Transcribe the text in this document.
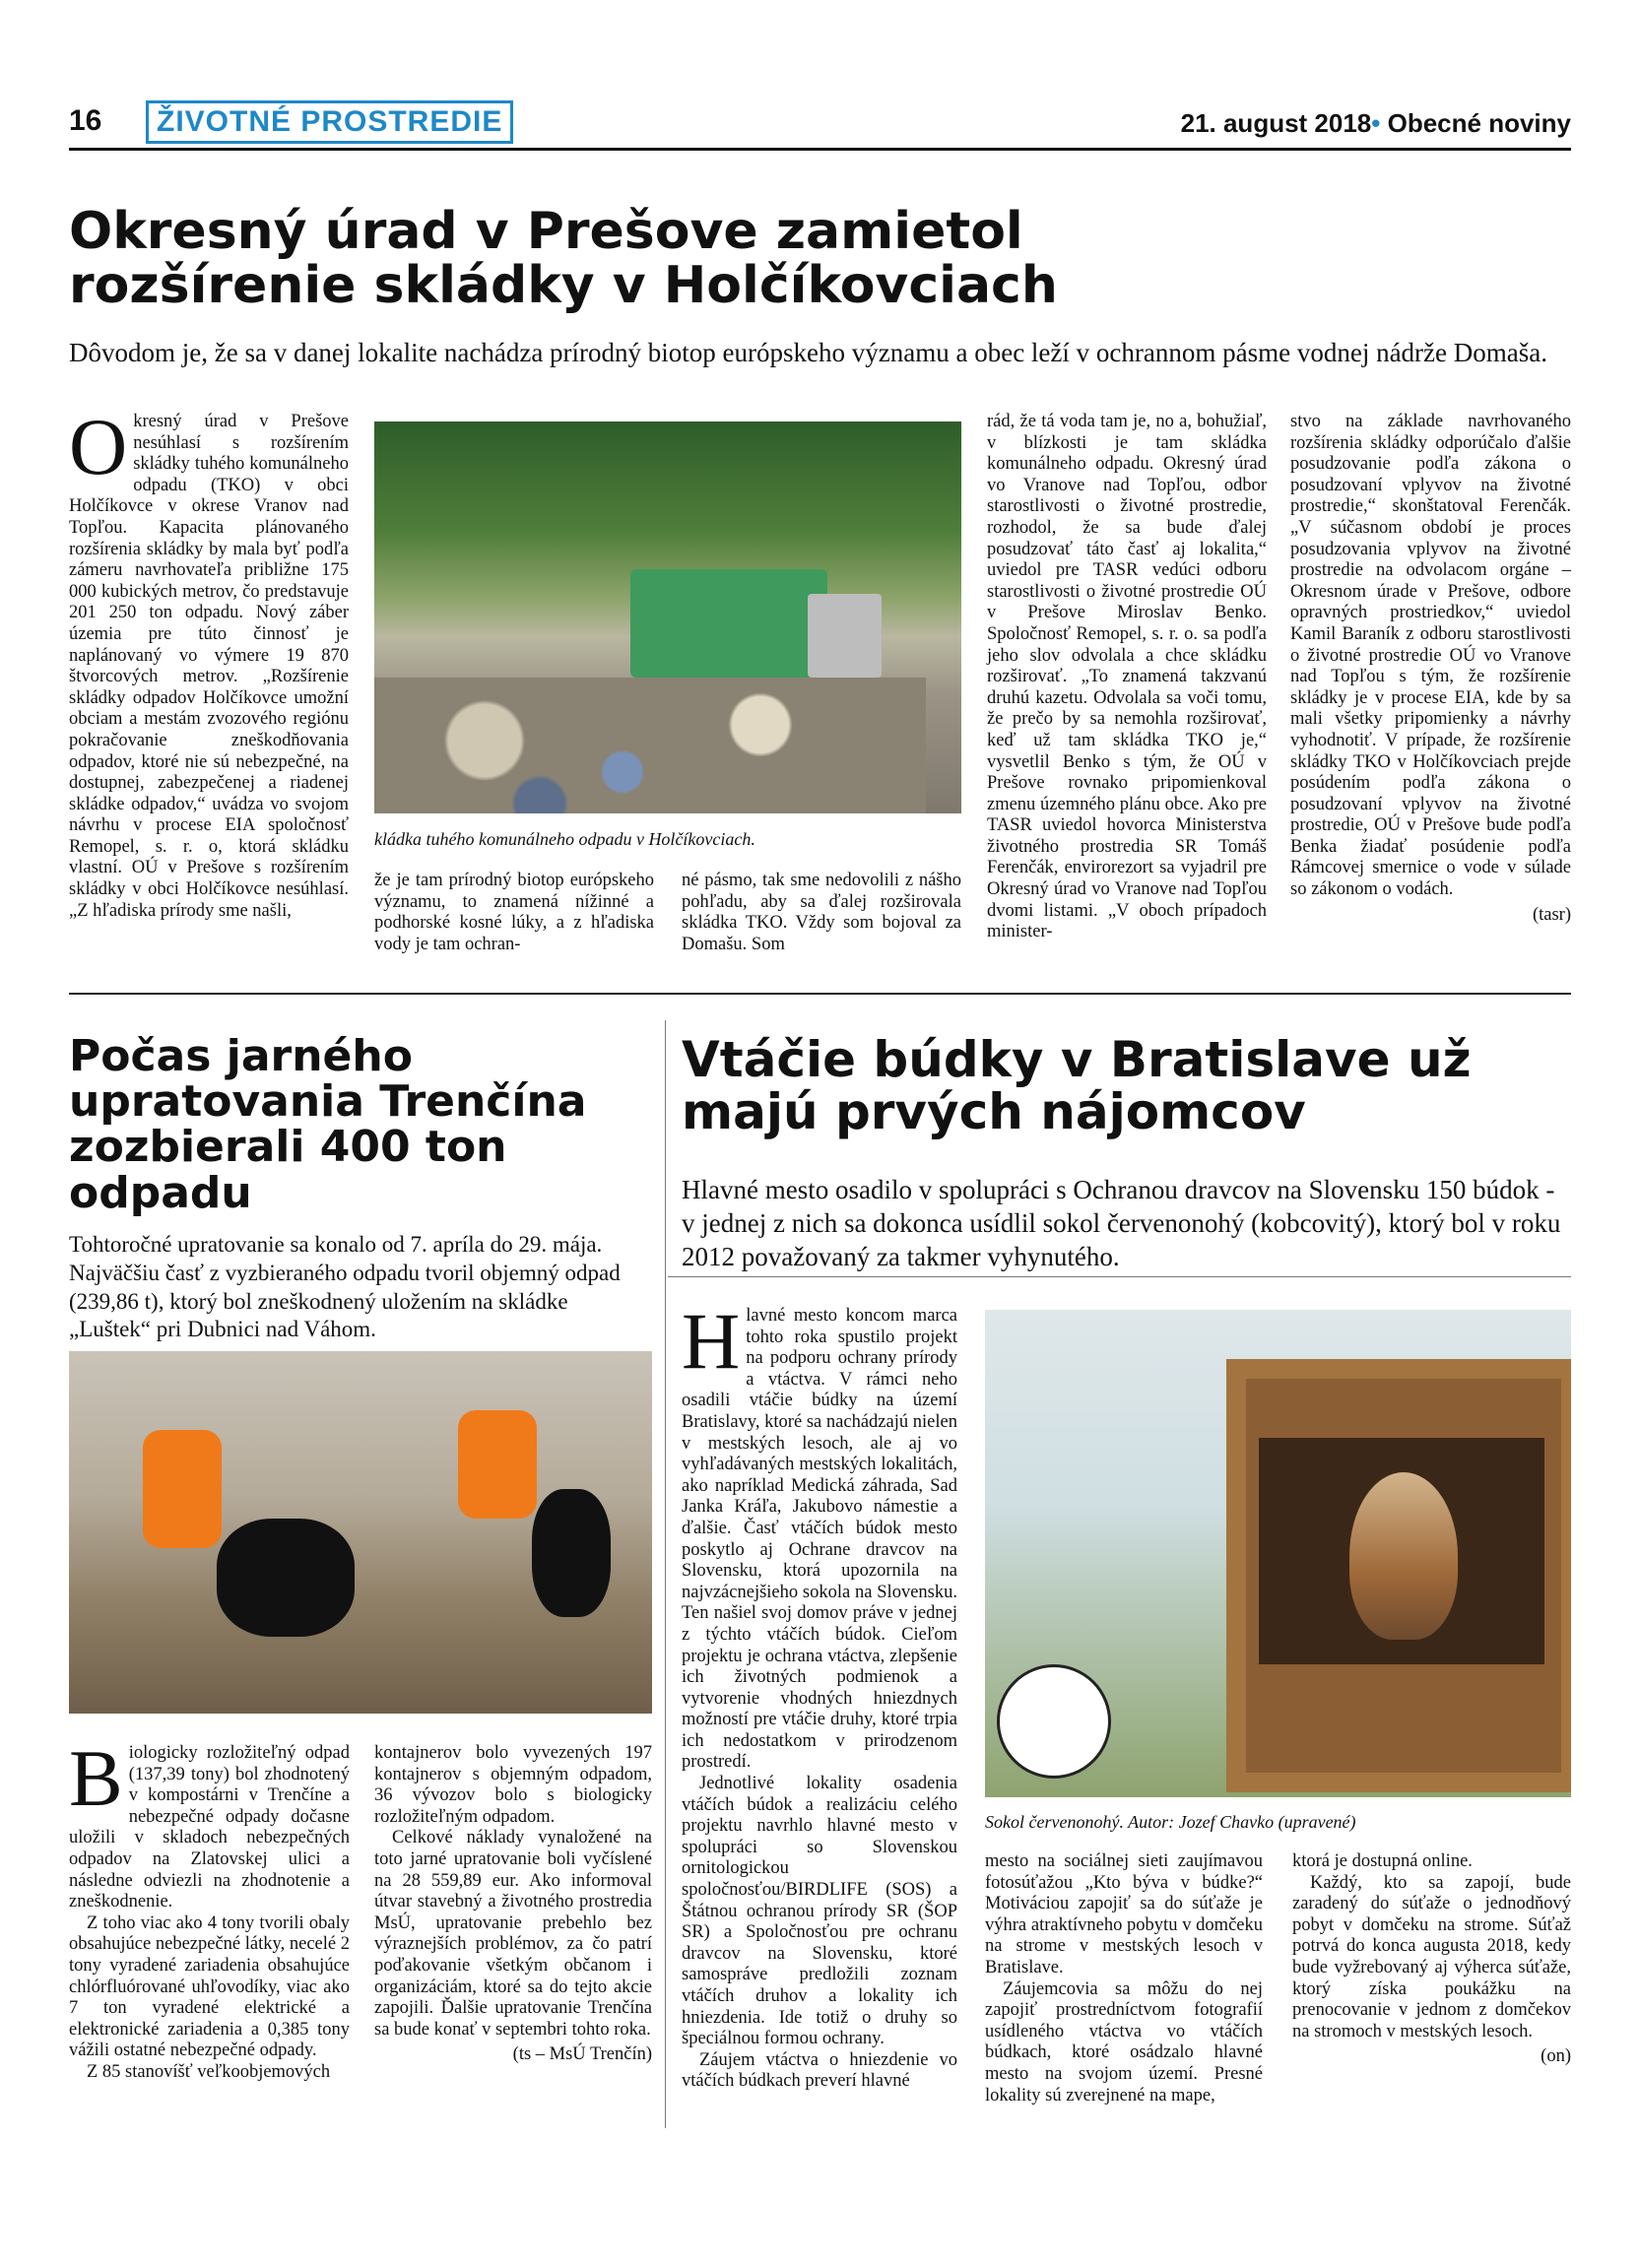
16	ŽIVOTNÉ PROSTREDIE	21. august 2018• Obecné noviny
Okresný úrad v Prešove zamietol rozšírenie skládky v Holčíkovciach
Dôvodom je, že sa v danej lokalite nachádza prírodný biotop európskeho významu a obec leží v ochrannom pásme vodnej nádrže Domaša.
O kresný úrad v Prešove nesúhlasí s rozšírením skládky tuhého komunálneho odpadu (TKO) v obci Holčíkovce v okrese Vranov nad Topľou. Kapacita plánovaného rozšírenia skládky by mala byť podľa zámeru navrhovateľa približne 175 000 kubických metrov, čo predstavuje 201 250 ton odpadu. Nový záber územia pre túto činnosť je naplánovaný vo výmere 19 870 štvorcových metrov. „Rozšírenie skládky odpadov Holčíkovce umožní obciam a mestám zvozového regiónu pokračovanie zneškodňovania odpadov, ktoré nie sú nebezpečné, na dostupnej, zabezpečenej a riadenej skládke odpadov,“ uvádza vo svojom návrhu v procese EIA spoločnosť Remopel, s. r. o, ktorá skládku vlastní. OÚ v Prešove s rozšírením skládky v obci Holčíkovce nesúhlasí. „Z hľadiska prírody sme našli,

kládka tuhého komunálneho odpadu v Holčíkovciach.

že je tam prírodný biotop európskeho významu, to znamená nížinné a podhorské kosné lúky, a z hľadiska vody je tam ochran-

né pásmo, tak sme nedovolili z nášho pohľadu, aby sa ďalej rozširovala skládka TKO. Vždy som bojoval za Domašu. Som

rád, že tá voda tam je, no a, bohužiaľ, v blízkosti je tam skládka komunálneho odpadu. Okresný úrad vo Vranove nad Topľou, odbor starostlivosti o životné prostredie, rozhodol, že sa bude ďalej posudzovať táto časť aj lokalita,“ uviedol pre TASR vedúci odboru starostlivosti o životné prostredie OÚ v Prešove Miroslav Benko. Spoločnosť Remopel, s. r. o. sa podľa jeho slov odvolala a chce skládku rozširovať. „To znamená takzvanú druhú kazetu. Odvolala sa voči tomu, že prečo by sa nemohla rozširovať, keď už tam skládka TKO je,“ vysvetlil Benko s tým, že OÚ v Prešove rovnako pripomienkoval zmenu územného plánu obce. Ako pre TASR uviedol hovorca Ministerstva životného prostredia SR Tomáš Ferenčák, envirorezort sa vyjadril pre Okresný úrad vo Vranove nad Topľou dvomi listami. „V oboch prípadoch minister-

stvo na základe navrhovaného rozšírenia skládky odporúčalo ďalšie posudzovanie podľa zákona o posudzovaní vplyvov na životné prostredie,“ skonštatoval Ferenčák. „V súčasnom období je proces posudzovania vplyvov na životné prostredie na odvolacom orgáne – Okresnom úrade v Prešove, odbore opravných prostriedkov,“ uviedol Kamil Baraník z odboru starostlivosti o životné prostredie OÚ vo Vranove nad Topľou s tým, že rozšírenie skládky je v procese EIA, kde by sa mali všetky pripomienky a návrhy vyhodnotiť. V prípade, že rozšírenie skládky TKO v Holčíkovciach prejde posúdením podľa zákona o posudzovaní vplyvov na životné prostredie, OÚ v Prešove bude podľa Benka žiadať posúdenie podľa Rámcovej smernice o vode v súlade so zákonom o vodách.

(tasr)
Počas jarného upratovania Trenčína zozbierali 400 ton odpadu
Tohtoročné upratovanie sa konalo od 7. apríla do 29. mája. Najväčšiu časť z vyzbieraného odpadu tvoril objemný odpad (239,86 t), ktorý bol zneškodnený uložením na skládke „Luštek“ pri Dubnici nad Váhom.
B iologicky rozložiteľný odpad (137,39 tony) bol zhodnotený v kompostárni v Trenčíne a nebezpečné odpady dočasne uložili v skladoch nebezpečných odpadov na Zlatovskej ulici a následne odviezli na zhodnotenie a zneškodnenie.

Z toho viac ako 4 tony tvorili obaly obsahujúce nebezpečné látky, necelé 2 tony vyradené zariadenia obsahujúce chlórfluórované uhľovodíky, viac ako 7 ton vyradené elektrické a elektronické zariadenia a 0,385 tony vážili ostatné nebezpečné odpady.

Z 85 stanovíšť veľkoobjemových

kontajnerov bolo vyvezených 197 kontajnerov s objemným odpadom, 36 vývozov bolo s biologicky rozložiteľným odpadom.

Celkové náklady vynaložené na toto jarné upratovanie boli vyčíslené na 28 559,89 eur. Ako informoval útvar stavebný a životného prostredia MsÚ, upratovanie prebehlo bez výraznejších problémov, za čo patrí poďakovanie všetkým občanom i organizáciám, ktoré sa do tejto akcie zapojili. Ďalšie upratovanie Trenčína sa bude konať v septembri tohto roka.

(ts – MsÚ Trenčín)
Vtáčie búdky v Bratislave už majú prvých nájomcov
Hlavné mesto osadilo v spolupráci s Ochranou dravcov na Slovensku 150 búdok - v jednej z nich sa dokonca usídlil sokol červenonohý (kobcovitý), ktorý bol v roku 2012 považovaný za takmer vyhynutého.
H lavné mesto koncom marca tohto roka spustilo projekt na podporu ochrany prírody a vtáctva. V rámci neho osadili vtáčie búdky na území Bratislavy, ktoré sa nachádzajú nielen v mestských lesoch, ale aj vo vyhľadávaných mestských lokalitách, ako napríklad Medická záhrada, Sad Janka Kráľa, Jakubovo námestie a ďalšie. Časť vtáčích búdok mesto poskytlo aj Ochrane dravcov na Slovensku, ktorá upozornila na najvzácnejšieho sokola na Slovensku. Ten našiel svoj domov práve v jednej z týchto vtáčích búdok. Cieľom projektu je ochrana vtáctva, zlepšenie ich životných podmienok a vytvorenie vhodných hniezdnych možností pre vtáčie druhy, ktoré trpia ich nedostatkom v prirodzenom prostredí.

Jednotlivé lokality osadenia vtáčích búdok a realizáciu celého projektu navrhlo hlavné mesto v spolupráci so Slovenskou ornitologickou spoločnosťou/BIRDLIFE (SOS) a Štátnou ochranou prírody SR (ŠOP SR) a Spoločnosťou pre ochranu dravcov na Slovensku, ktoré samospráve predložili zoznam vtáčích druhov a lokality ich hniezdenia. Ide totiž o druhy so špeciálnou formou ochrany.

Záujem vtáctva o hniezdenie vo vtáčích búdkach preverí hlavné

Sokol červenonohý. Autor: Jozef Chavko (upravené)

mesto na sociálnej sieti zaujímavou fotosúťažou „Kto býva v búdke?“ Motiváciou zapojiť sa do súťaže je výhra atraktívneho pobytu v domčeku na strome v mestských lesoch v Bratislave.

Záujemcovia sa môžu do nej zapojiť prostredníctvom fotografií usídleného vtáctva vo vtáčích búdkach, ktoré osádzalo hlavné mesto na svojom území. Presné lokality sú zverejnené na mape,

ktorá je dostupná online.

Každý, kto sa zapojí, bude zaradený do súťaže o jednodňový pobyt v domčeku na strome. Súťaž potrvá do konca augusta 2018, kedy bude vyžrebovaný aj výherca súťaže, ktorý získa poukážku na prenocovanie v jednom z domčekov na stromoch v mestských lesoch.

(on)
